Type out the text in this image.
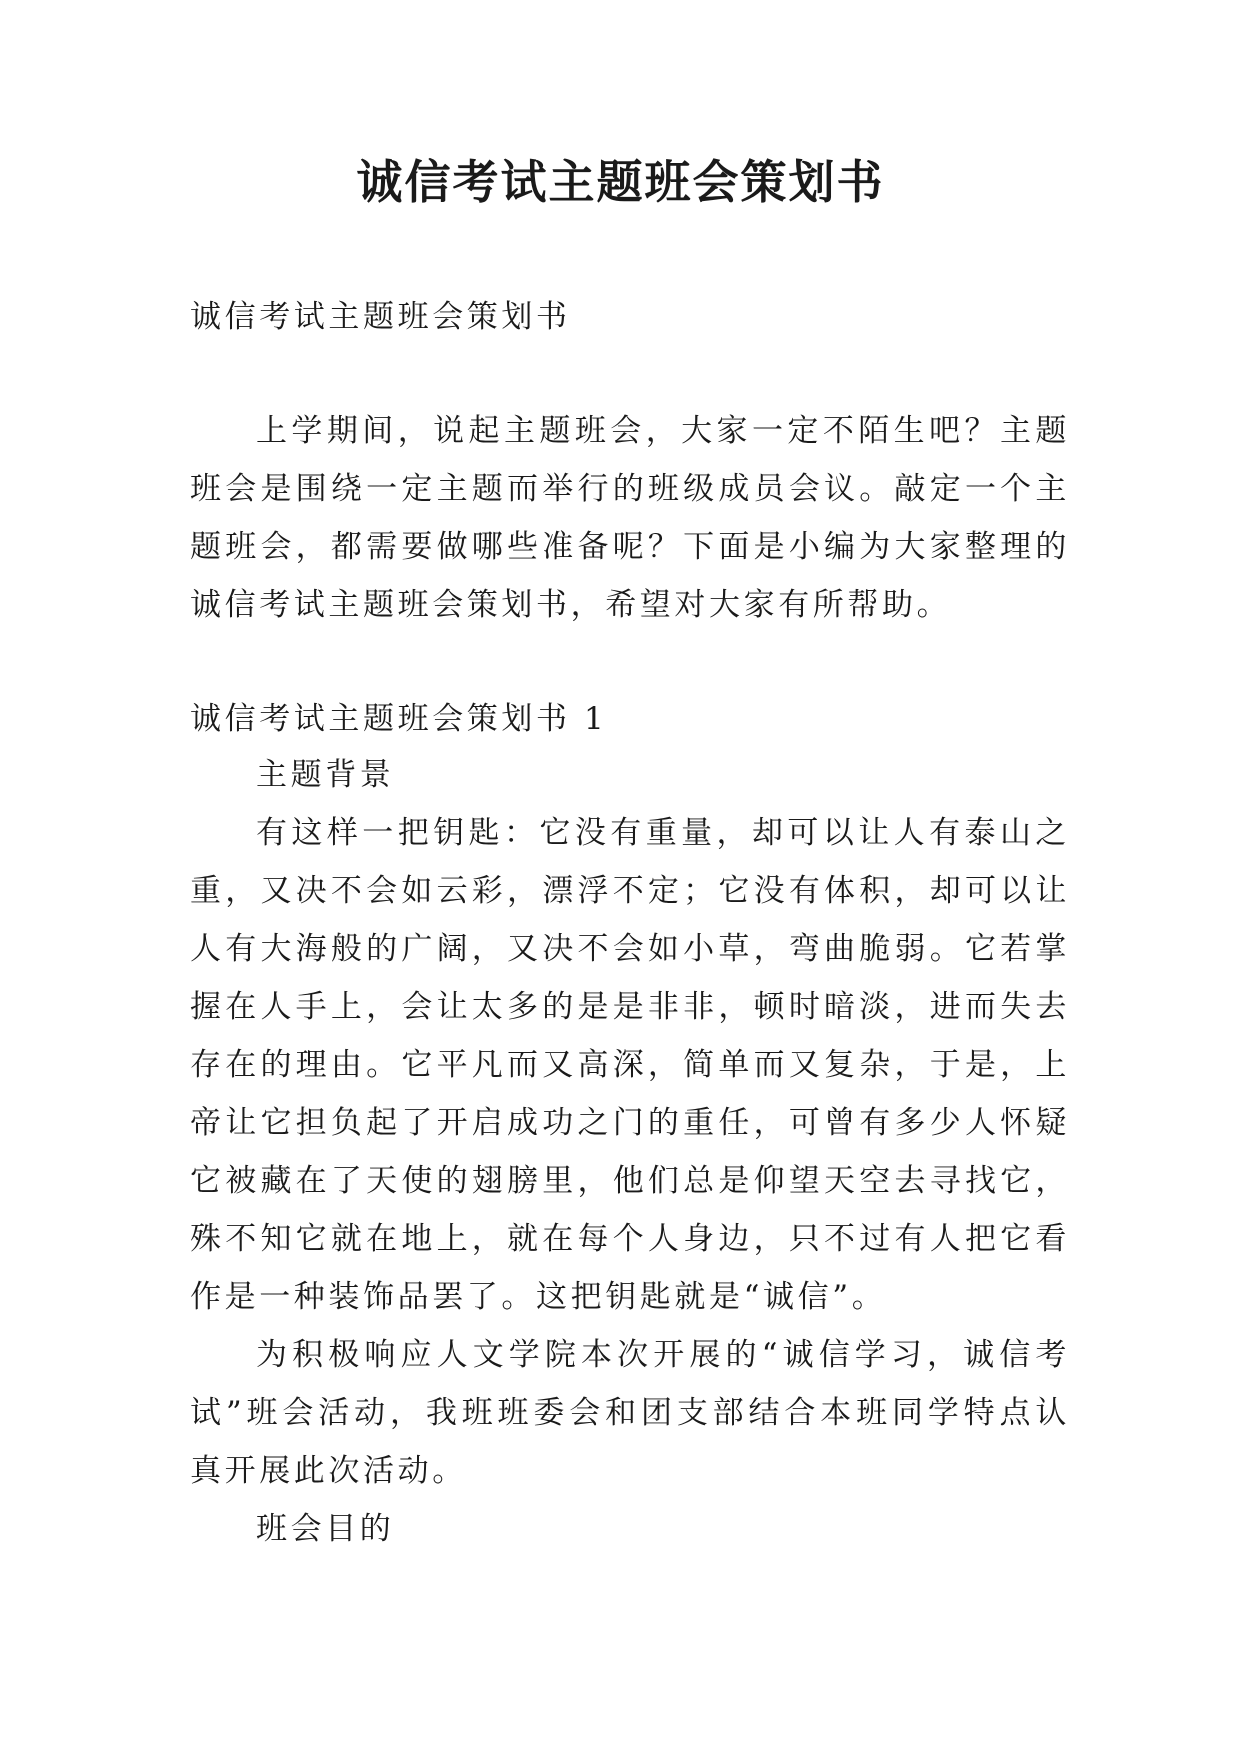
诚信考试主题班会策划书

诚信考试主题班会策划书

上学期间，说起主题班会，大家一定不陌生吧？主题班会是围绕一定主题而举行的班级成员会议。敲定一个主题班会，都需要做哪些准备呢？下面是小编为大家整理的诚信考试主题班会策划书，希望对大家有所帮助。

诚信考试主题班会策划书 1

主题背景

有这样一把钥匙：它没有重量，却可以让人有泰山之重，又决不会如云彩，漂浮不定；它没有体积，却可以让人有大海般的广阔，又决不会如小草，弯曲脆弱。它若掌握在人手上，会让太多的是是非非，顿时暗淡，进而失去存在的理由。它平凡而又高深，简单而又复杂，于是，上帝让它担负起了开启成功之门的重任，可曾有多少人怀疑它被藏在了天使的翅膀里，他们总是仰望天空去寻找它，殊不知它就在地上，就在每个人身边，只不过有人把它看作是一种装饰品罢了。这把钥匙就是“诚信”。

为积极响应人文学院本次开展的“诚信学习，诚信考试”班会活动，我班班委会和团支部结合本班同学特点认真开展此次活动。

班会目的
